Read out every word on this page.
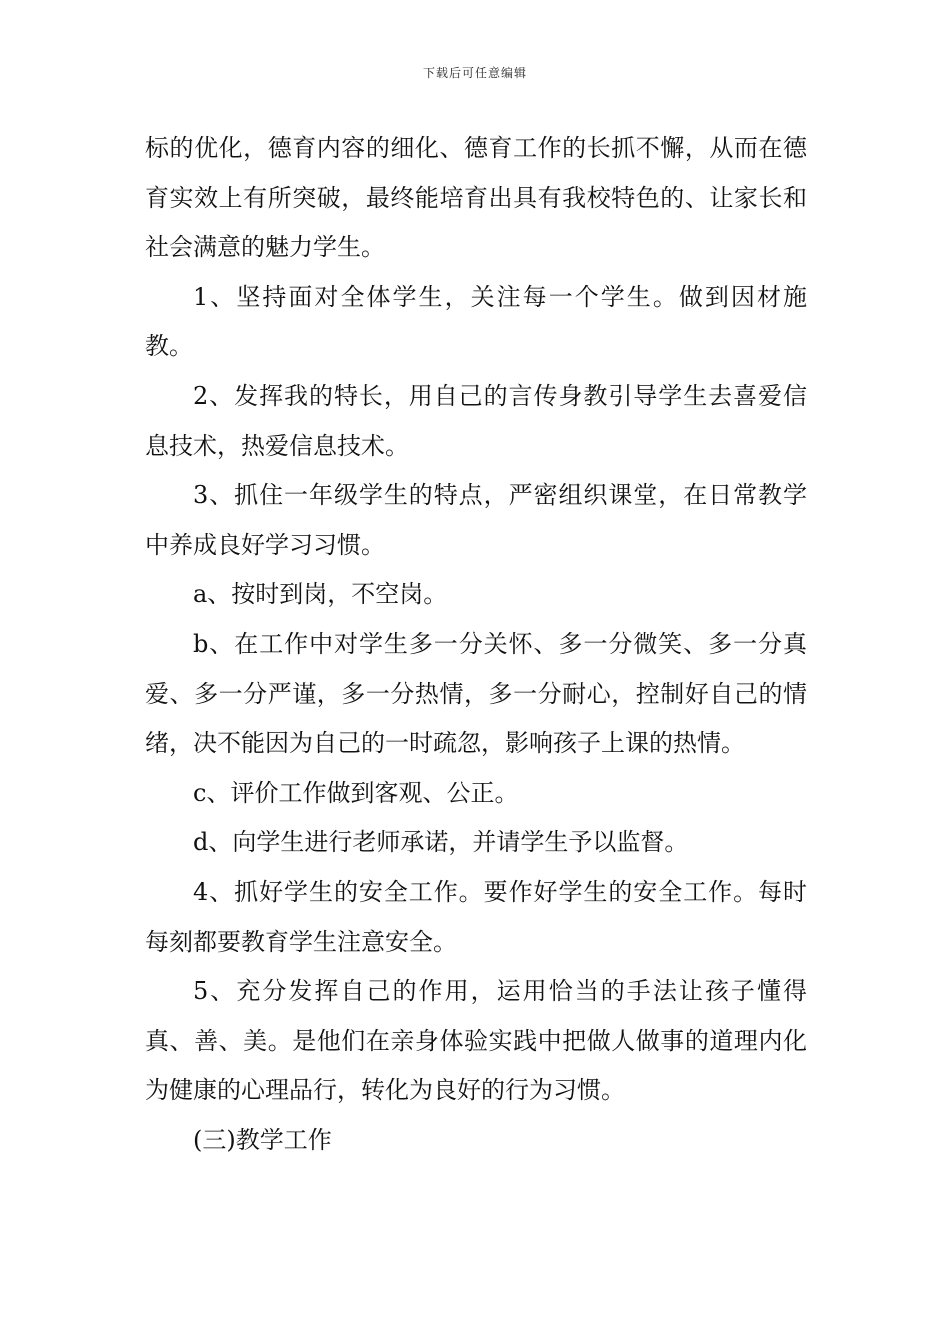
下载后可任意编辑

标的优化，德育内容的细化、德育工作的长抓不懈，从而在德育实效上有所突破，最终能培育出具有我校特色的、让家长和社会满意的魅力学生。

1、坚持面对全体学生，关注每一个学生。做到因材施教。

2、发挥我的特长，用自己的言传身教引导学生去喜爱信息技术，热爱信息技术。

3、抓住一年级学生的特点，严密组织课堂，在日常教学中养成良好学习习惯。

a、按时到岗，不空岗。

b、在工作中对学生多一分关怀、多一分微笑、多一分真爱、多一分严谨，多一分热情，多一分耐心，控制好自己的情绪，决不能因为自己的一时疏忽，影响孩子上课的热情。

c、评价工作做到客观、公正。

d、向学生进行老师承诺，并请学生予以监督。

4、抓好学生的安全工作。要作好学生的安全工作。每时每刻都要教育学生注意安全。

5、充分发挥自己的作用，运用恰当的手法让孩子懂得真、善、美。是他们在亲身体验实践中把做人做事的道理内化为健康的心理品行，转化为良好的行为习惯。

(三)教学工作
